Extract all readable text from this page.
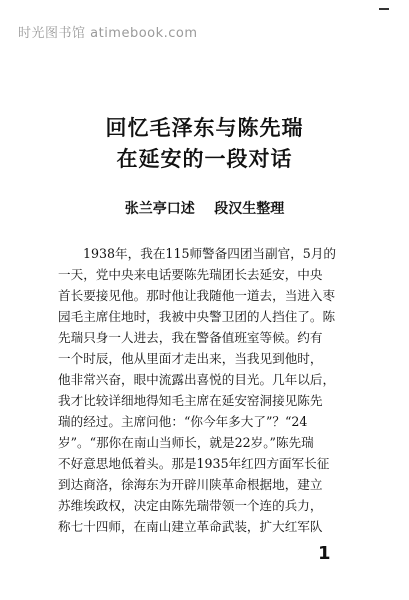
时光图书馆 atimebook.com
回忆毛泽东与陈先瑞
在延安的一段对话
张兰亭口述    段汉生整理
1938年，我在115师警备四团当副官，5月的
一天，党中央来电话要陈先瑞团长去延安，中央
首长要接见他。那时他让我随他一道去，当进入枣
园毛主席住地时，我被中央警卫团的人挡住了。陈
先瑞只身一人进去，我在警备值班室等候。约有
一个时辰，他从里面才走出来，当我见到他时，
他非常兴奋，眼中流露出喜悦的目光。几年以后，
我才比较详细地得知毛主席在延安窑洞接见陈先
瑞的经过。主席问他：“你今年多大了”？“24
岁”。“那你在南山当师长，就是22岁。”陈先瑞
不好意思地低着头。那是1935年红四方面军长征
到达商洛，徐海东为开辟川陕革命根据地，建立
苏维埃政权，决定由陈先瑞带领一个连的兵力，
称七十四师，在南山建立革命武装，扩大红军队
1
